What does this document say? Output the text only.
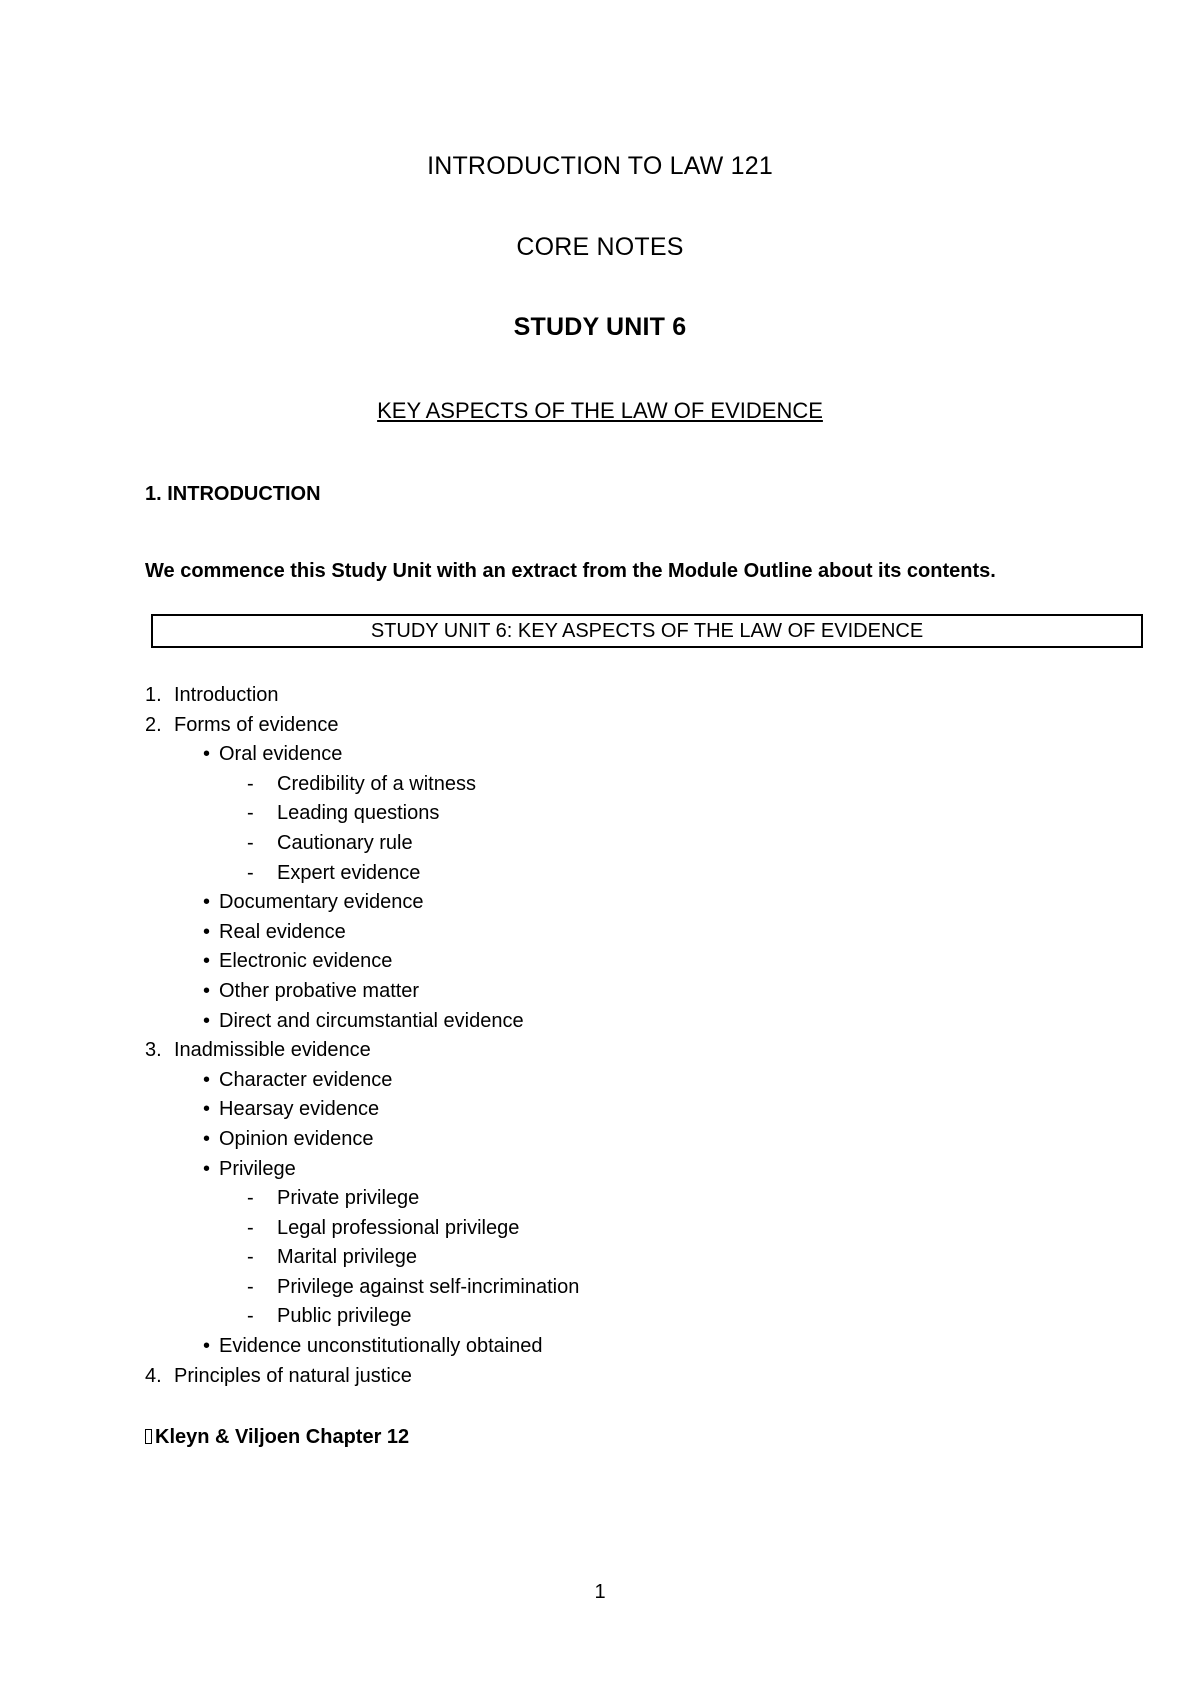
INTRODUCTION TO LAW 121
CORE NOTES
STUDY UNIT 6
KEY ASPECTS OF THE LAW OF EVIDENCE
1. INTRODUCTION
We commence this Study Unit with an extract from the Module Outline about its contents.
STUDY UNIT 6: KEY ASPECTS OF THE LAW OF EVIDENCE
1. Introduction
2. Forms of evidence
• Oral evidence
- Credibility of a witness
- Leading questions
- Cautionary rule
- Expert evidence
• Documentary evidence
• Real evidence
• Electronic evidence
• Other probative matter
• Direct and circumstantial evidence
3. Inadmissible evidence
• Character evidence
• Hearsay evidence
• Opinion evidence
• Privilege
- Private privilege
- Legal professional privilege
- Marital privilege
- Privilege against self-incrimination
- Public privilege
• Evidence unconstitutionally obtained
4. Principles of natural justice
Kleyn & Viljoen Chapter 12
1
